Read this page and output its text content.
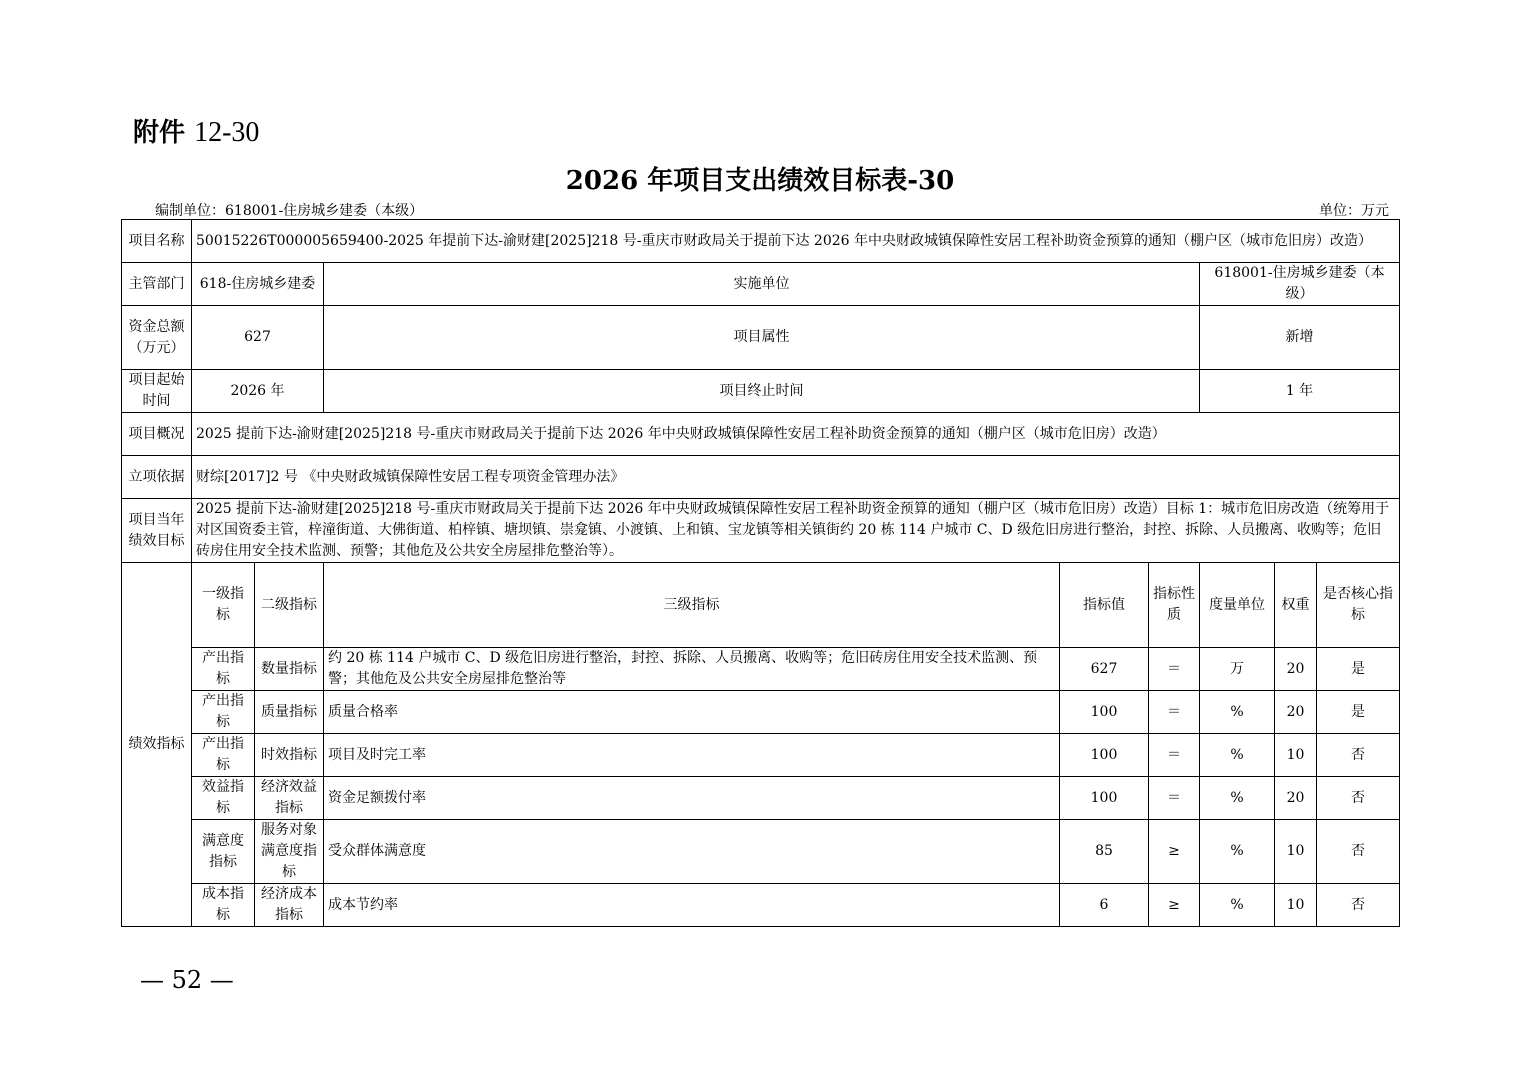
附件 12-30
2026 年项目支出绩效目标表-30
编制单位：618001-住房城乡建委（本级）	单位：万元
项目名称	50015226T000005659400-2025 年提前下达-渝财建[2025]218 号-重庆市财政局关于提前下达 2026 年中央财政城镇保障性安居工程补助资金预算的通知（棚户区（城市危旧房）改造）							
主管部门	618-住房城乡建委		实施单位			618001-住房城乡建委（本级）		
资金总额（万元）	627		项目属性			新增		
项目起始时间	2026 年		项目终止时间			1 年		
项目概况	2025 提前下达-渝财建[2025]218 号-重庆市财政局关于提前下达 2026 年中央财政城镇保障性安居工程补助资金预算的通知（棚户区（城市危旧房）改造）							
立项依据	财综[2017]2 号 《中央财政城镇保障性安居工程专项资金管理办法》							
项目当年绩效目标	2025 提前下达-渝财建[2025]218 号-重庆市财政局关于提前下达 2026 年中央财政城镇保障性安居工程补助资金预算的通知（棚户区（城市危旧房）改造）目标 1：城市危旧房改造（统筹用于对区国资委主管，梓潼街道、大佛街道、柏梓镇、塘坝镇、崇龛镇、小渡镇、上和镇、宝龙镇等相关镇街约 20 栋 114 户城市 C、D 级危旧房进行整治，封控、拆除、人员搬离、收购等；危旧砖房住用安全技术监测、预警；其他危及公共安全房屋排危整治等）。							
绩效指标	一级指标	二级指标	三级指标	指标值	指标性质	度量单位	权重	是否核心指标
	产出指标	数量指标	约 20 栋 114 户城市 C、D 级危旧房进行整治，封控、拆除、人员搬离、收购等；危旧砖房住用安全技术监测、预警；其他危及公共安全房屋排危整治等	627	＝	万	20	是
	产出指标	质量指标	质量合格率	100	＝	%	20	是
	产出指标	时效指标	项目及时完工率	100	＝	%	10	否
	效益指标	经济效益指标	资金足额拨付率	100	＝	%	20	否
	满意度指标	服务对象满意度指标	受众群体满意度	85	≥	%	10	否
	成本指标	经济成本指标	成本节约率	6	≥	%	10	否
— 52 —
